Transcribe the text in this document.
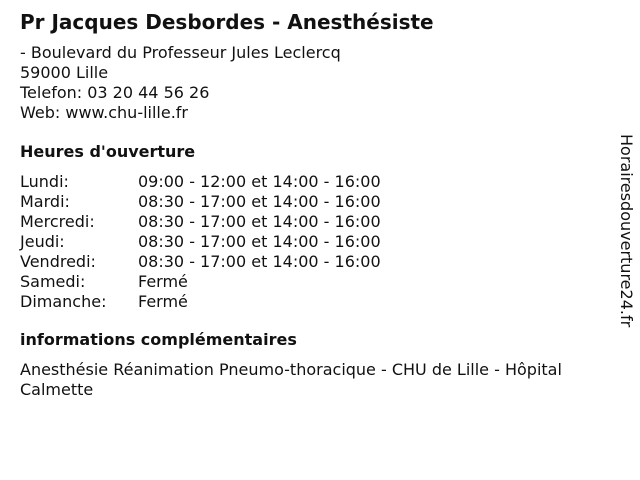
Pr Jacques Desbordes - Anesthésiste
- Boulevard du Professeur Jules Leclercq
59000 Lille
Telefon: 03 20 44 56 26
Web: www.chu-lille.fr
Heures d'ouverture
Lundi:	09:00 - 12:00 et 14:00 - 16:00
Mardi:	08:30 - 17:00 et 14:00 - 16:00
Mercredi:	08:30 - 17:00 et 14:00 - 16:00
Jeudi:	08:30 - 17:00 et 14:00 - 16:00
Vendredi:	08:30 - 17:00 et 14:00 - 16:00
Samedi:	Fermé
Dimanche:	Fermé
informations complémentaires
Anesthésie Réanimation Pneumo-thoracique - CHU de Lille - Hôpital Calmette
Horairesdouverture24.fr
